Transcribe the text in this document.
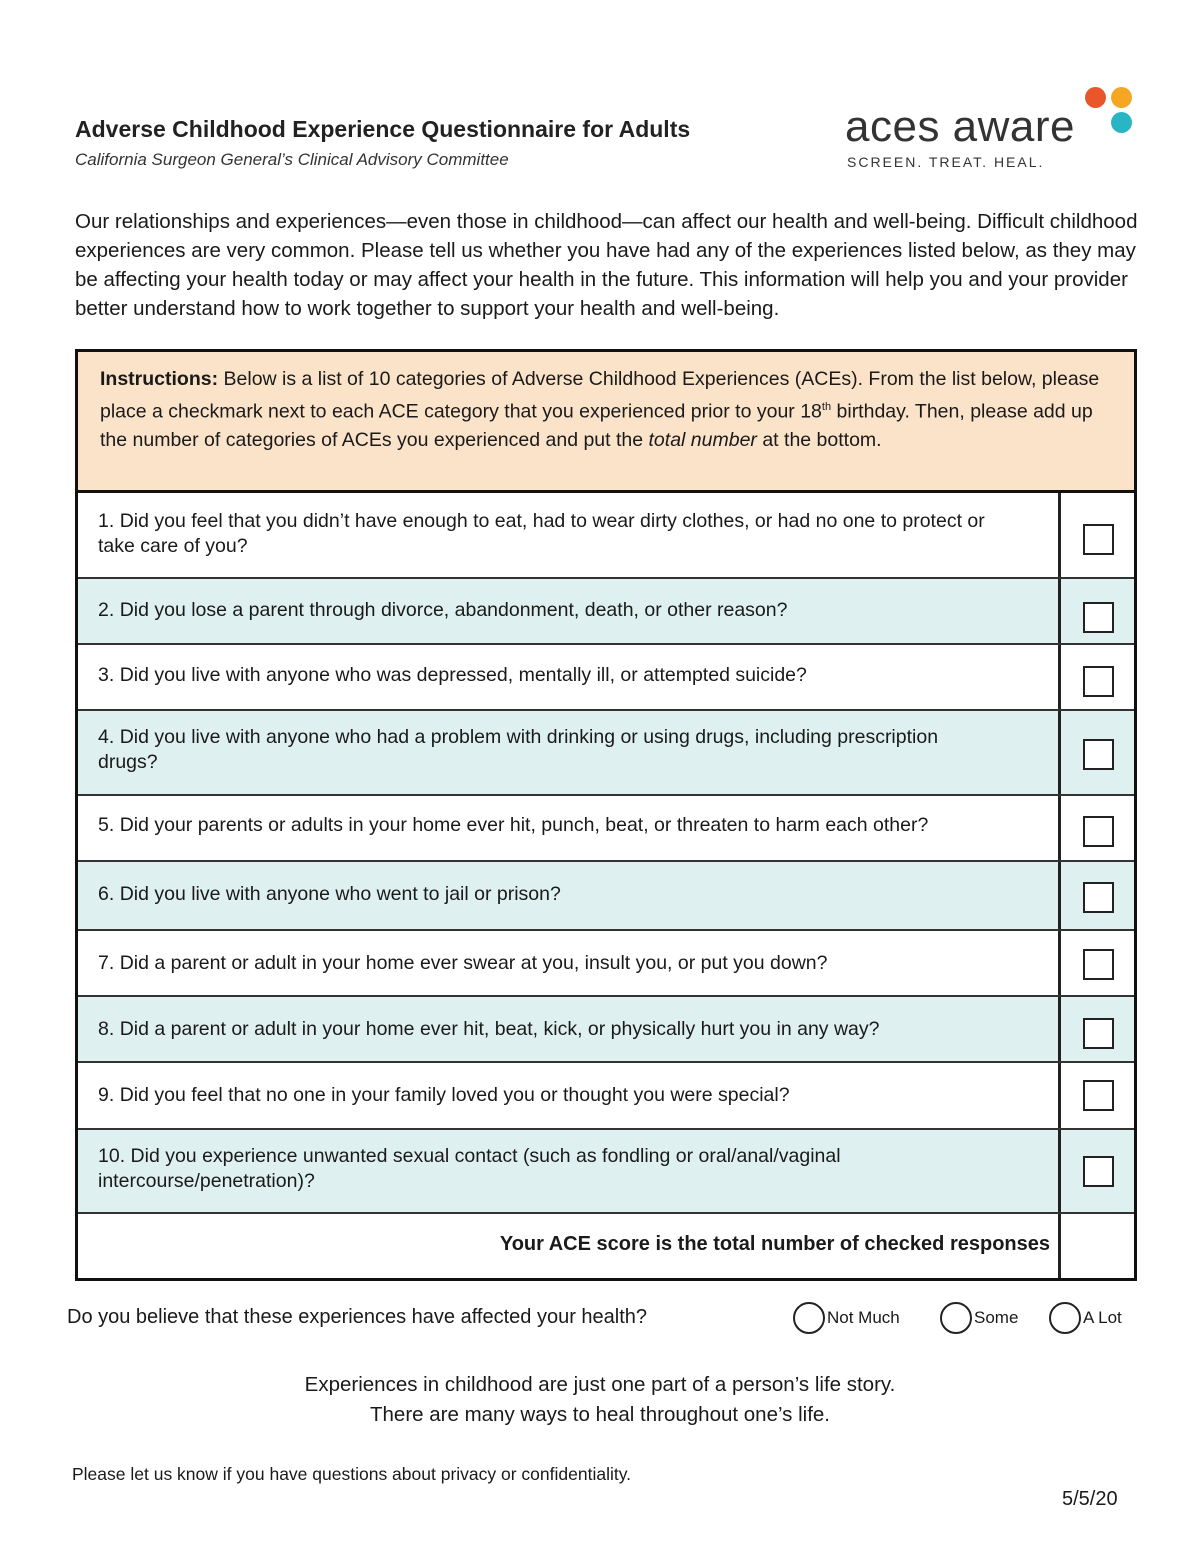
Adverse Childhood Experience Questionnaire for Adults
California Surgeon General’s Clinical Advisory Committee
aces aware
SCREEN. TREAT. HEAL.
Our relationships and experiences—even those in childhood—can affect our health and well-being. Difficult childhood experiences are very common. Please tell us whether you have had any of the experiences listed below, as they may be affecting your health today or may affect your health in the future. This information will help you and your provider better understand how to work together to support your health and well-being.
Instructions: Below is a list of 10 categories of Adverse Childhood Experiences (ACEs). From the list below, please place a checkmark next to each ACE category that you experienced prior to your 18th birthday. Then, please add up the number of categories of ACEs you experienced and put the total number at the bottom.
1. Did you feel that you didn’t have enough to eat, had to wear dirty clothes, or had no one to protect or take care of you?
2. Did you lose a parent through divorce, abandonment, death, or other reason?
3. Did you live with anyone who was depressed, mentally ill, or attempted suicide?
4. Did you live with anyone who had a problem with drinking or using drugs, including prescription drugs?
5. Did your parents or adults in your home ever hit, punch, beat, or threaten to harm each other?
6. Did you live with anyone who went to jail or prison?
7. Did a parent or adult in your home ever swear at you, insult you, or put you down?
8. Did a parent or adult in your home ever hit, beat, kick, or physically hurt you in any way?
9. Did you feel that no one in your family loved you or thought you were special?
10. Did you experience unwanted sexual contact (such as fondling or oral/anal/vaginal intercourse/penetration)?
Your ACE score is the total number of checked responses
Do you believe that these experiences have affected your health?	Not Much	Some	A Lot
Experiences in childhood are just one part of a person’s life story.
There are many ways to heal throughout one’s life.
Please let us know if you have questions about privacy or confidentiality.
5/5/20
